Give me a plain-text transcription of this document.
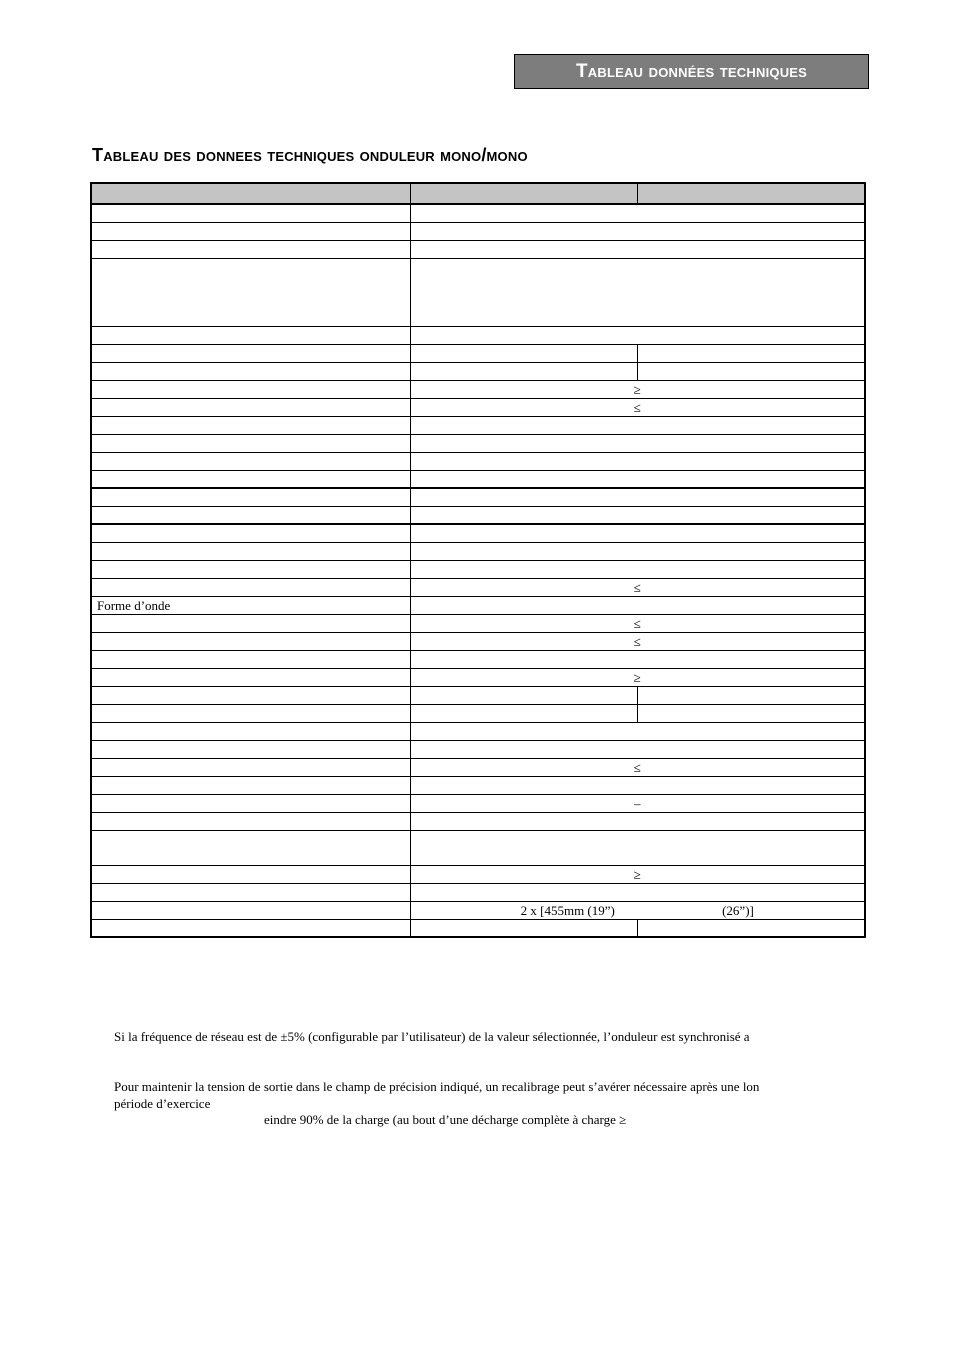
Tableau données techniques
Tableau des donnees techniques onduleur mono/mono

	≥	
	≤	

	≤	
Forme d’onde		
	≤	
	≤	

	≥	

	≤	

	–	

	≥	

	2 x [455mm (19”)                                 (26”)]	

Si la fréquence de réseau est de ±5% (configurable par l’utilisateur) de la valeur sélectionnée, l’onduleur est synchronisé a
Pour maintenir la tension de sortie dans le champ de précision indiqué, un recalibrage peut s’avérer nécessaire après une lon
période d’exercice
eindre 90% de la charge (au bout d’une décharge complète à charge ≥
